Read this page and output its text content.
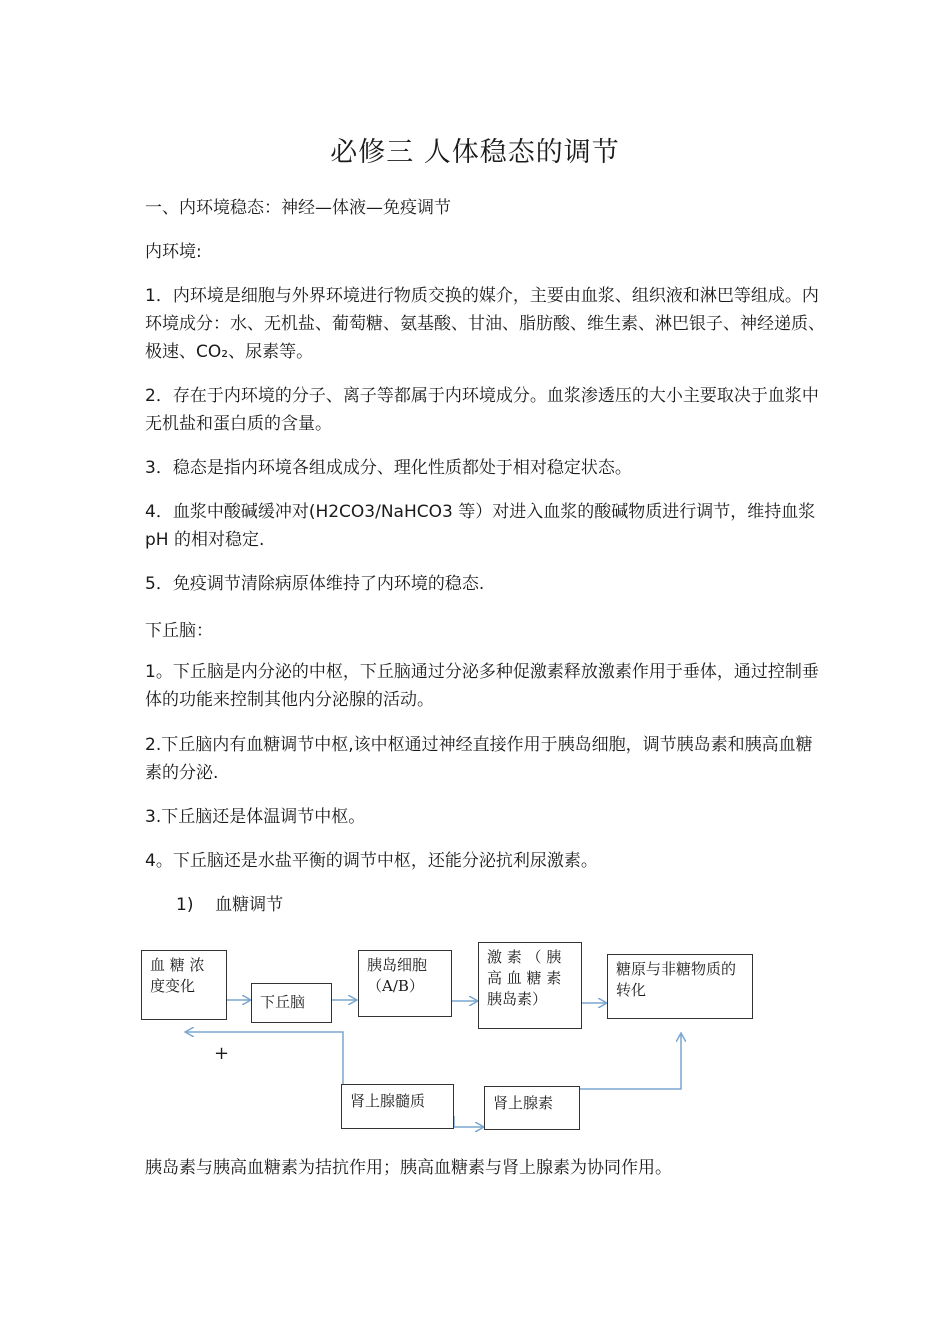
必修三 人体稳态的调节

一、内环境稳态：神经—体液—免疫调节

内环境:

1．内环境是细胞与外界环境进行物质交换的媒介，主要由血浆、组织液和淋巴等组成。内环境成分：水、无机盐、葡萄糖、氨基酸、甘油、脂肪酸、维生素、淋巴银子、神经递质、极速、CO₂、尿素等。

2．存在于内环境的分子、离子等都属于内环境成分。血浆渗透压的大小主要取决于血浆中无机盐和蛋白质的含量。

3．稳态是指内环境各组成成分、理化性质都处于相对稳定状态。

4．血浆中酸碱缓冲对(H2CO3/NaHCO3 等）对进入血浆的酸碱物质进行调节，维持血浆 pH 的相对稳定.

5．免疫调节清除病原体维持了内环境的稳态.

下丘脑：

1。下丘脑是内分泌的中枢，下丘脑通过分泌多种促激素释放激素作用于垂体，通过控制垂体的功能来控制其他内分泌腺的活动。

2.下丘脑内有血糖调节中枢,该中枢通过神经直接作用于胰岛细胞，调节胰岛素和胰高血糖素的分泌.

3.下丘脑还是体温调节中枢。

4。下丘脑还是水盐平衡的调节中枢，还能分泌抗利尿激素。

1)    血糖调节

血 糖 浓 度变化
下丘脑
胰岛细胞（A/B）
激 素 （ 胰 高 血 糖 素 胰岛素）
糖原与非糖物质的转化
肾上腺髓质	肾上腺素
+

胰岛素与胰高血糖素为拮抗作用；胰高血糖素与肾上腺素为协同作用。
